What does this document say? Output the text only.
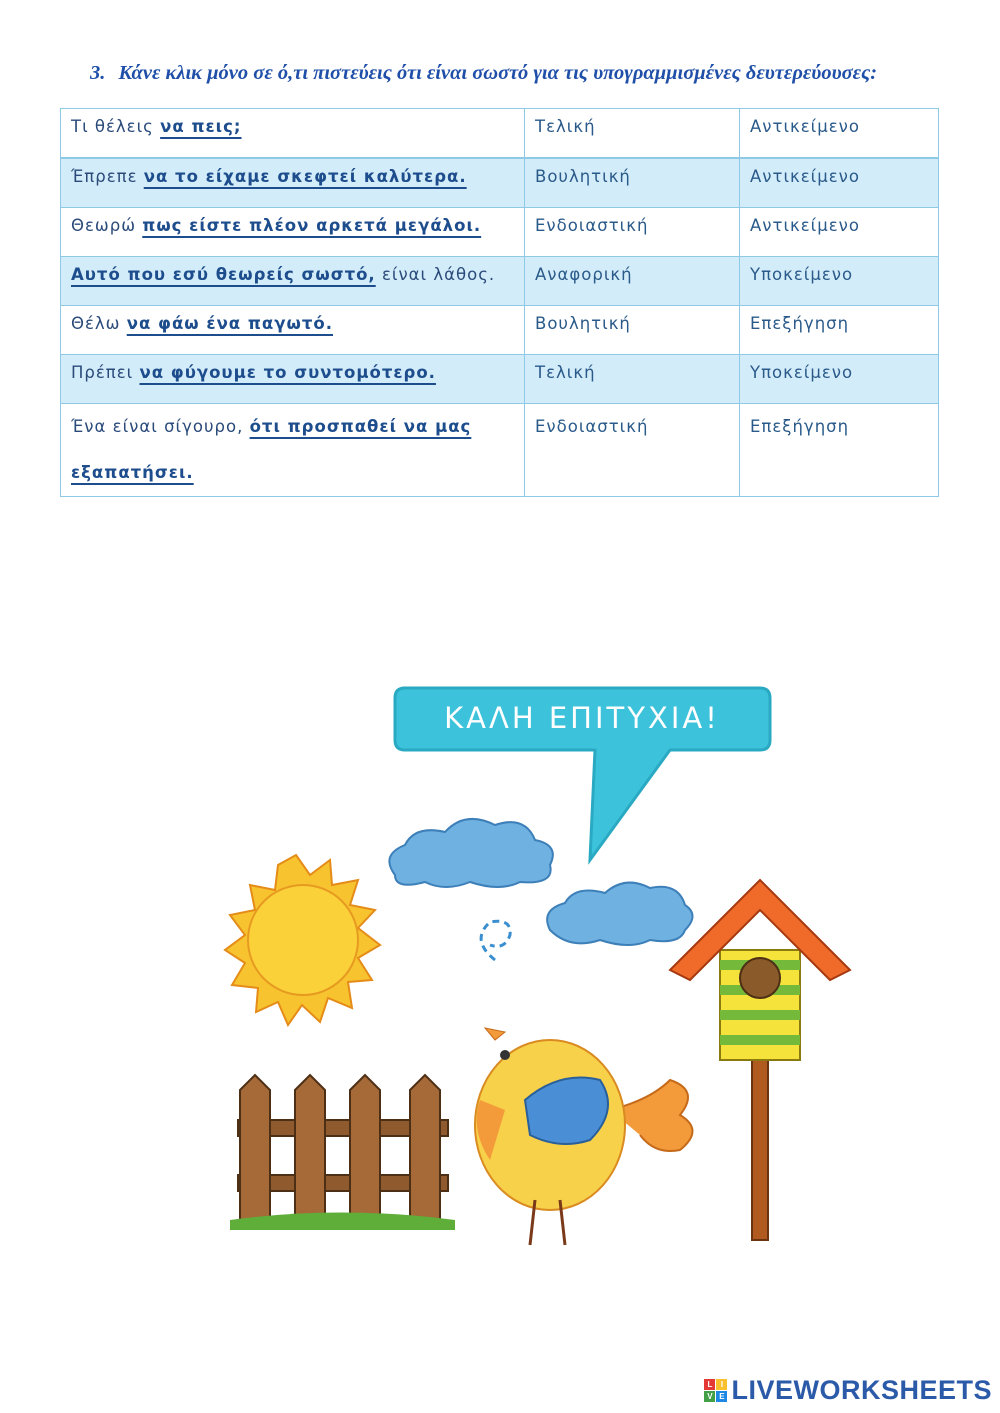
3. Κάνε κλικ μόνο σε ό,τι πιστεύεις ότι είναι σωστό για τις υπογραμμισμένες δευτερεύουσες:
Τι θέλεις να πεις;	Τελική	Αντικείμενο
Έπρεπε να το είχαμε σκεφτεί καλύτερα.	Βουλητική	Αντικείμενο
Θεωρώ πως είστε πλέον αρκετά μεγάλοι.	Ενδοιαστική	Αντικείμενο
Αυτό που εσύ θεωρείς σωστό, είναι λάθος.	Αναφορική	Υποκείμενο
Θέλω να φάω ένα παγωτό.	Βουλητική	Επεξήγηση
Πρέπει να φύγουμε το συντομότερο.	Τελική	Υποκείμενο
Ένα είναι σίγουρο, ότι προσπαθεί να μας εξαπατήσει.	Ενδοιαστική	Επεξήγηση
ΚΑΛΗ ΕΠΙΤΥΧΙΑ!
L	I
V E LIVEWORKSHEETS
